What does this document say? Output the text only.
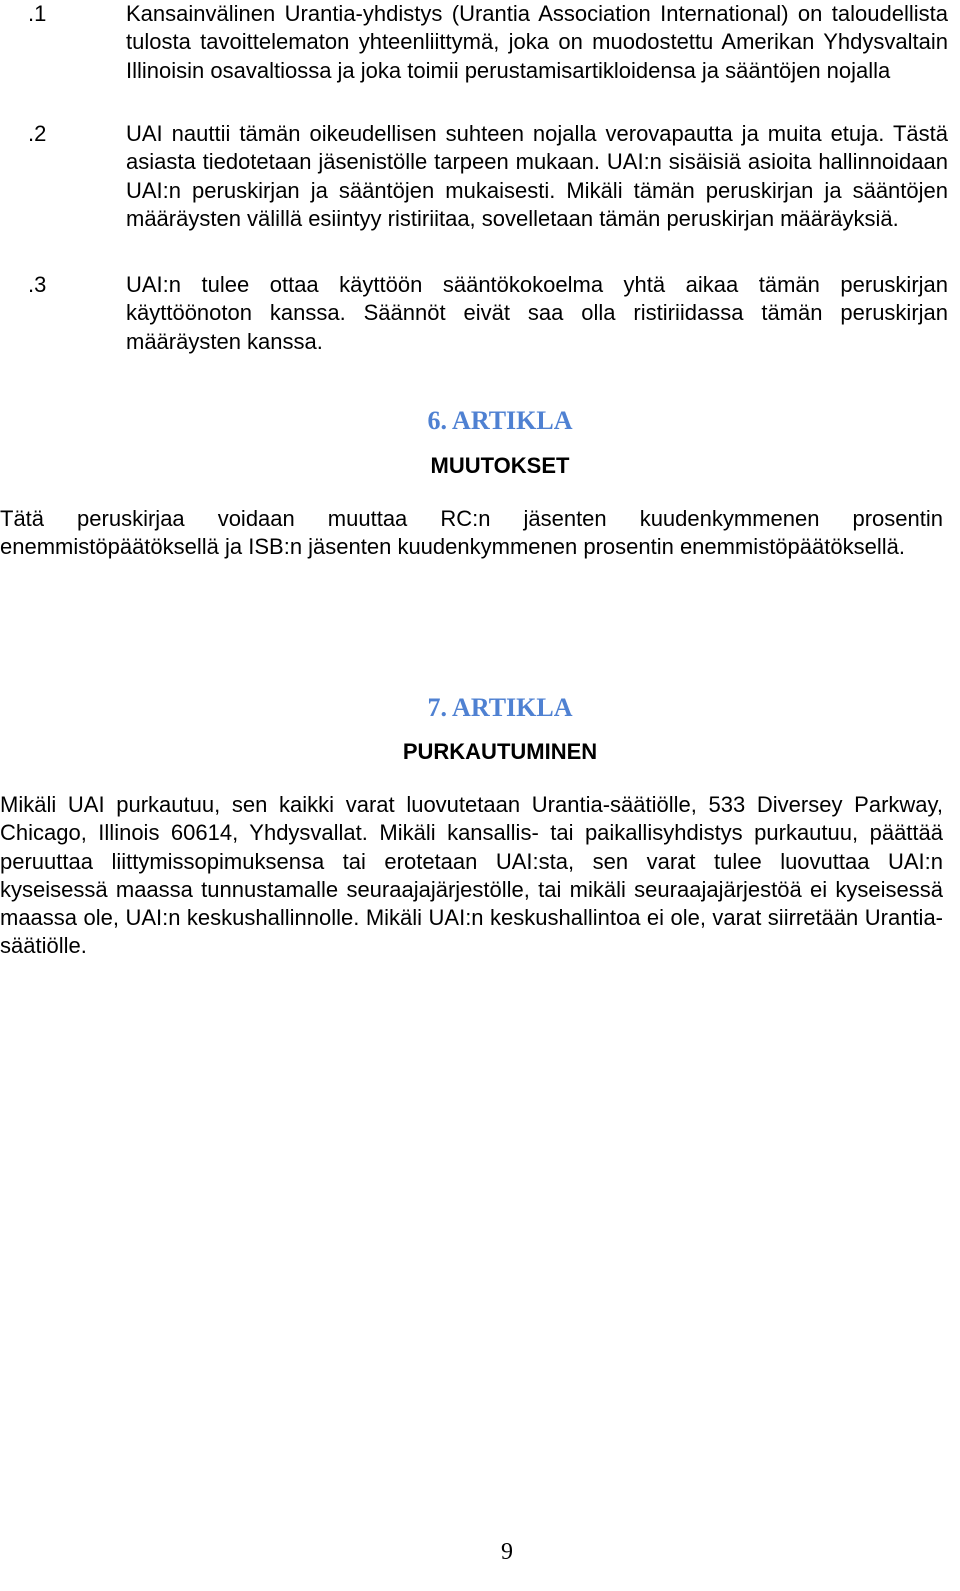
.1	Kansainvälinen Urantia-yhdistys (Urantia Association International) on taloudellista tulosta tavoittelematon yhteenliittymä, joka on muodostettu Amerikan Yhdysvaltain Illinoisin osavaltiossa ja joka toimii perustamisartikloidensa ja sääntöjen nojalla
.2	UAI nauttii tämän oikeudellisen suhteen nojalla verovapautta ja muita etuja. Tästä asiasta tiedotetaan jäsenistölle tarpeen mukaan. UAI:n sisäisiä asioita hallinnoidaan UAI:n peruskirjan ja sääntöjen mukaisesti. Mikäli tämän peruskirjan ja sääntöjen määräysten välillä esiintyy ristiriitaa, sovelletaan tämän peruskirjan määräyksiä.
.3	UAI:n tulee ottaa käyttöön sääntökokoelma yhtä aikaa tämän peruskirjan käyttöönoton kanssa. Säännöt eivät saa olla ristiriidassa tämän peruskirjan määräysten kanssa.
6. ARTIKLA
MUUTOKSET
Tätä peruskirjaa voidaan muuttaa RC:n jäsenten kuudenkymmenen prosentin enemmistöpäätöksellä ja ISB:n jäsenten kuudenkymmenen prosentin enemmistöpäätöksellä.
7. ARTIKLA
PURKAUTUMINEN
Mikäli UAI purkautuu, sen kaikki varat luovutetaan Urantia-säätiölle, 533 Diversey Parkway, Chicago, Illinois 60614, Yhdysvallat. Mikäli kansallis- tai paikallisyhdistys purkautuu, päättää peruuttaa liittymissopimuksensa tai erotetaan UAI:sta, sen varat tulee luovuttaa UAI:n kyseisessä maassa tunnustamalle seuraajajärjestölle, tai mikäli seuraajajärjestöä ei kyseisessä maassa ole, UAI:n keskushallinnolle. Mikäli UAI:n keskushallintoa ei ole, varat siirretään Urantia-säätiölle.
9
